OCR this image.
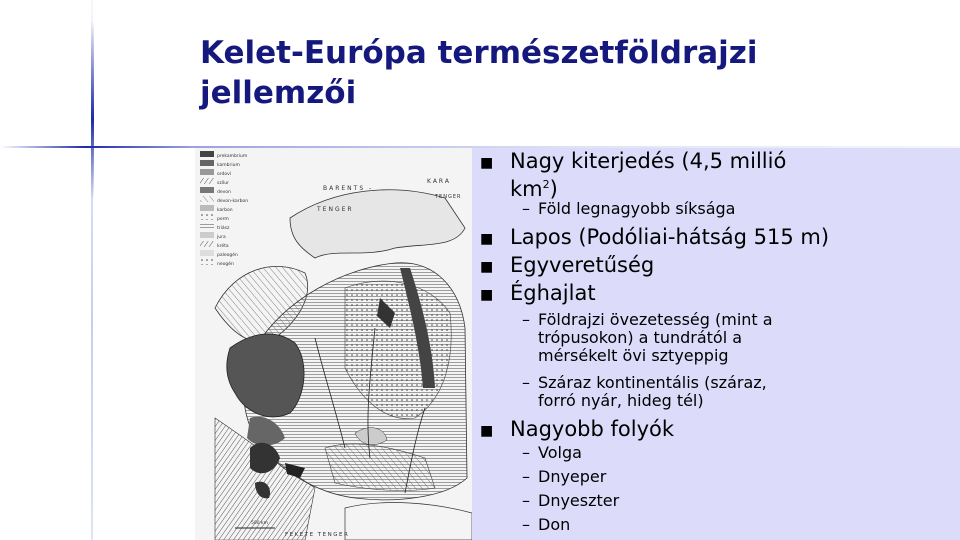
Kelet-Európa természetföldrajzi
jellemzői
prekambrium
kambrium
ordoví
szilur
devon
devon-karbon
karbon
perm
triász
jura
kréta
paleogén
neogén
BARENTS -
TENGER
KARA
TENGER
FEKETE TENGER
500 km
■ Nagy kiterjedés (4,5 millió
$km^2$)
– Föld legnagyobb síksága
■ Lapos (Podóliai-hátság 515 m)
■ Egyveretűség
■ Éghajlat
– Földrajzi övezetesség (mint a
trópusokon) a tundrától a
mérsékelt övi sztyeppig
– Száraz kontinentális (száraz,
forró nyár, hideg tél)
■ Nagyobb folyók
– Volga
– Dnyeper
– Dnyeszter
– Don
